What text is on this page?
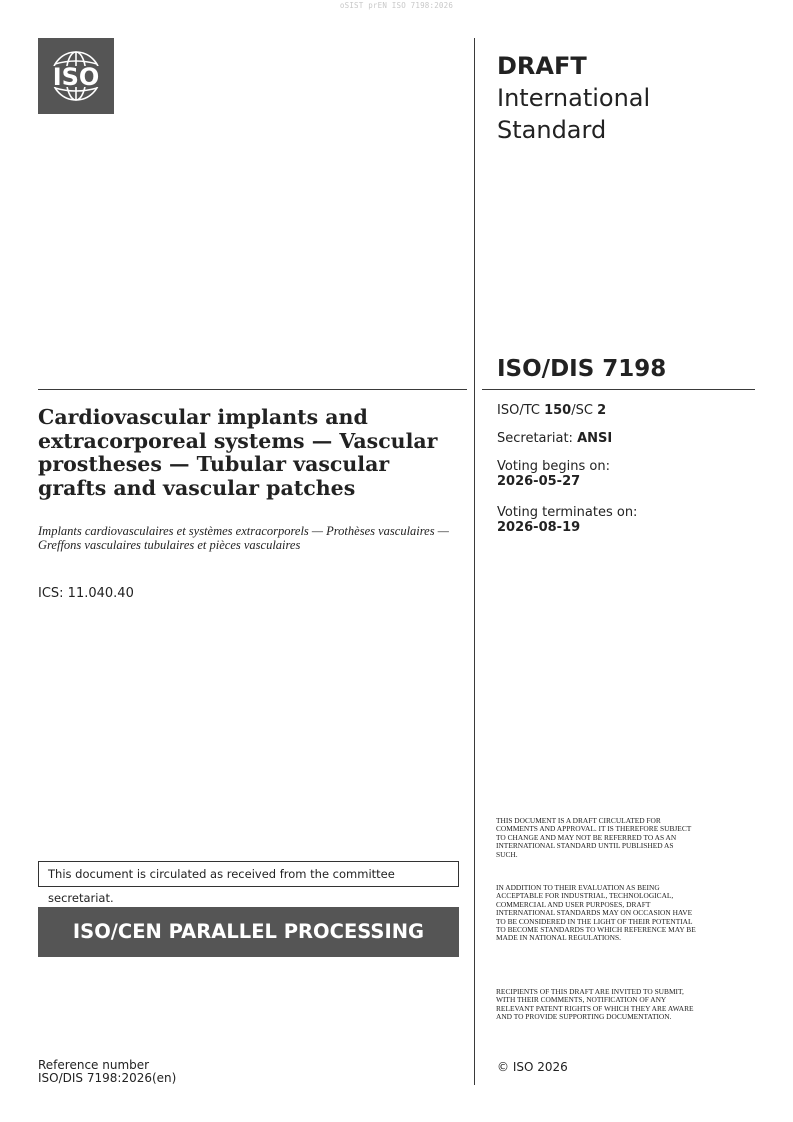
oSIST prEN ISO 7198:2026
ISO	DRAFT
International
Standard
ISO/DIS 7198
ISO/TC 150/SC 2
Secretariat: ANSI
Voting begins on:
2026-05-27
Voting terminates on:
2026-08-19
Cardiovascular implants and extracorporeal systems — Vascular prostheses — Tubular vascular grafts and vascular patches
Implants cardiovasculaires et systèmes extracorporels — Prothèses vasculaires — Greffons vasculaires tubulaires et pièces vasculaires
ICS: 11.040.40
THIS DOCUMENT IS A DRAFT CIRCULATED FOR COMMENTS AND APPROVAL. IT IS THEREFORE SUBJECT TO CHANGE AND MAY NOT BE REFERRED TO AS AN INTERNATIONAL STANDARD UNTIL PUBLISHED AS SUCH.
IN ADDITION TO THEIR EVALUATION AS BEING ACCEPTABLE FOR INDUSTRIAL, TECHNOLOGICAL, COMMERCIAL AND USER PURPOSES, DRAFT INTERNATIONAL STANDARDS MAY ON OCCASION HAVE TO BE CONSIDERED IN THE LIGHT OF THEIR POTENTIAL TO BECOME STANDARDS TO WHICH REFERENCE MAY BE MADE IN NATIONAL REGULATIONS.
RECIPIENTS OF THIS DRAFT ARE INVITED TO SUBMIT, WITH THEIR COMMENTS, NOTIFICATION OF ANY RELEVANT PATENT RIGHTS OF WHICH THEY ARE AWARE AND TO PROVIDE SUPPORTING DOCUMENTATION.
This document is circulated as received from the committee secretariat.
ISO/CEN PARALLEL PROCESSING
Reference number
ISO/DIS 7198:2026(en)
© ISO 2026
